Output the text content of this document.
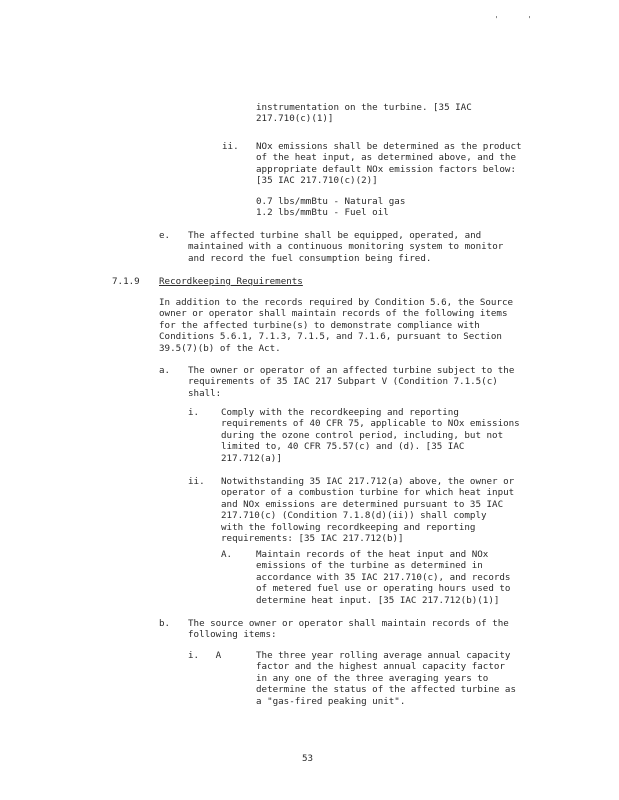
'	'
instrumentation on the turbine. [35 IAC
217.710(c)(1)]
ii. NOx emissions shall be determined as the product
of the heat input, as determined above, and the
appropriate default NOx emission factors below:
[35 IAC 217.710(c)(2)]
0.7 lbs/mmBtu - Natural gas
1.2 lbs/mmBtu - Fuel oil
e. The affected turbine shall be equipped, operated, and
maintained with a continuous monitoring system to monitor
and record the fuel consumption being fired.
7.1.9 Recordkeeping Requirements
In addition to the records required by Condition 5.6, the Source
owner or operator shall maintain records of the following items
for the affected turbine(s) to demonstrate compliance with
Conditions 5.6.1, 7.1.3, 7.1.5, and 7.1.6, pursuant to Section
39.5(7)(b) of the Act.
a. The owner or operator of an affected turbine subject to the
requirements of 35 IAC 217 Subpart V (Condition 7.1.5(c)
shall:
i. Comply with the recordkeeping and reporting
requirements of 40 CFR 75, applicable to NOx emissions
during the ozone control period, including, but not
limited to, 40 CFR 75.57(c) and (d). [35 IAC
217.712(a)]
ii. Notwithstanding 35 IAC 217.712(a) above, the owner or
operator of a combustion turbine for which heat input
and NOx emissions are determined pursuant to 35 IAC
217.710(c) (Condition 7.1.8(d)(ii)) shall comply
with the following recordkeeping and reporting
requirements: [35 IAC 217.712(b)]
A.	Maintain records of the heat input and NOx
emissions of the turbine as determined in
accordance with 35 IAC 217.710(c), and records
of metered fuel use or operating hours used to
determine heat input. [35 IAC 217.712(b)(1)]
b. The source owner or operator shall maintain records of the
following items:
i.   A	The three year rolling average annual capacity
factor and the highest annual capacity factor
in any one of the three averaging years to
determine the status of the affected turbine as
a "gas-fired peaking unit".
53
